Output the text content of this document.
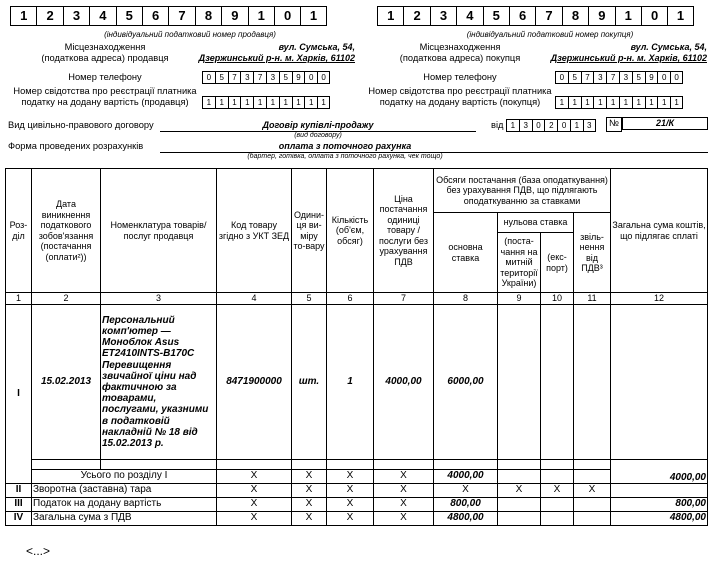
1	2	3	4	5	6	7	8	9	1	0	1
(індивідуальний податковий номер продавця)
Місцезнаходження
(податкова адреса) продавця
вул. Сумська, 54,
Дзержинський р-н. м. Харків, 61102
Номер телефону	0	5	7	3	7	3	5	9	0 0
Номер свідотства про реєстрації платника
податку на додану вартість (продавця)	1	1	1	1	1	1	1	1	1 1
1	2	3	4	5	6	7	8	9	1	0	1
(індивідуальний податковий номер покупця)
Місцезнаходження
(податкова адреса) покупця
вул. Сумська, 54,
Дзержинський р-н. м. Харків, 61102
Номер телефону	0	5	7	3	7	3	5	9	0 0
Номер свідотства про реєстрації платника
податку на додану вартість (покупця)	1	1	1	1	1	1	1	1	1 1
Вид цивільно-правового договору	Договір купівлі-продажу
(вид договору)
від 1	3	0	2	0	1 3	№	21/К
Форма проведених розрахунків	оплата з поточного рахунка
(бартер, готівка, оплата з поточного рахунка, чек тощо)
Роз-діл	Дата виникнення податкового зобов'язання (постачання (оплати²))	Номенклатура товарів/ послуг продавця	Код товару згідно з УКТ ЗЕД	Одини-ця ви-міру то-вару	Кількість (об'єм, обсяг)	Ціна постачання одиниці товару / послуги без урахування ПДВ	Обсяги постачання (база оподаткування) без урахування ПДВ, що підлягають оподаткуванню за ставками				Загальна сума коштів, що підлягає сплаті
							основна ставка	нульова ставка		звіль-нення від ПДВ³	
								(поста-чання на митній території України)	(екс-порт)		
1	2	3	4	5	6	7	8	9	10	11	12
I	15.02.2013	Персональний комп'ютер — Моноблок Asus ET2410INTS-B170C Перевищення звичайної ціни над фактичною за товарами, послугами, указними в податковій накладній № 18 від 15.02.2013 р.	8471900000	шт.	1	4000,00	6000,00				
											4000,00
	Усього по розділу І		X	X	X	X	4000,00				
II	Зворотна (заставна) тара		X	X	X	X	X	X	X	X	
III	Податок на додану вартість		X	X	X	X	800,00				800,00
IV	Загальна сума з ПДВ		X	X	X	X	4800,00				4800,00
<...>
